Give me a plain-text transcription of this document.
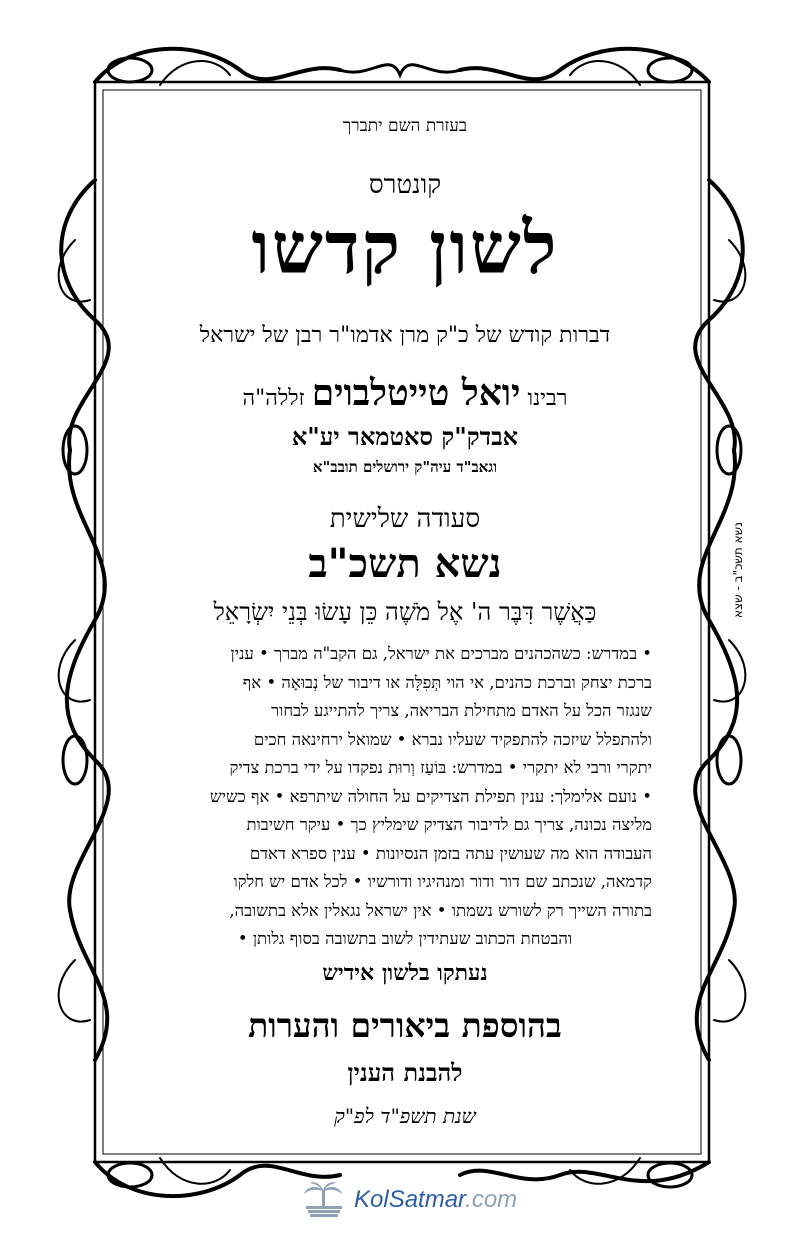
בעזרת השם יתברך
קונטרס
לשון קדשו
דברות קודש של כ"ק מרן אדמו"ר רבן של ישראל
רבינו יואל טייטלבוים זללה"ה
אבדק"ק סאטמאר יע"א
וגאב"ד עיה"ק ירושלים תובב"א
סעודה שלישית
נשא תשכ"ב
כַּאֲשֶׁר דִּבֶּר ה' אֶל מֹשֶׁה כֵּן עָשׂוּ בְּנֵי יִשְׂרָאֵל
• במדרש: כשהכהנים מברכים את ישראל, גם הקב"ה מברך • ענין
ברכת יצחק וברכת כהנים, אי הוי תְּפִלָּה או דיבור של נְבוּאָה • אף
שנגזר הכל על האדם מתחילת הבריאה, צריך להתייגע לבחור
ולהתפלל שיזכה להתפקיד שעליו נברא • שמואל ירחינאה חכים
יתקרי ורבי לא יתקרי • במדרש: בּוֹעַז וְרוּת נפקדו על ידי ברכת צדיק
• נועם אלימלך: ענין תפילת הצדיקים על החולה שיתרפא • אף כשיש
מליצה נכונה, צריך גם לדיבור הצדיק שימליץ כך • עיקר חשיבות
העבודה הוא מה שעושין עתה בזמן הנסיונות • ענין ספרא דאדם
קדמאה, שנכתב שם דור ודור ומנהיגיו ודורשיו • לכל אדם יש חלקו
בתורה השייך רק לשורש נשמתו • אין ישראל נגאלין אלא בתשובה,
והבטחת הכתוב שעתידין לשוב בתשובה בסוף גלותן •
נעתקו בלשון אידיש
בהוספת ביאורים והערות
להבנת הענין
שנת תשפ"ד לפ"ק
נשא תשכ"ב - שצא
KolSatmar.com
